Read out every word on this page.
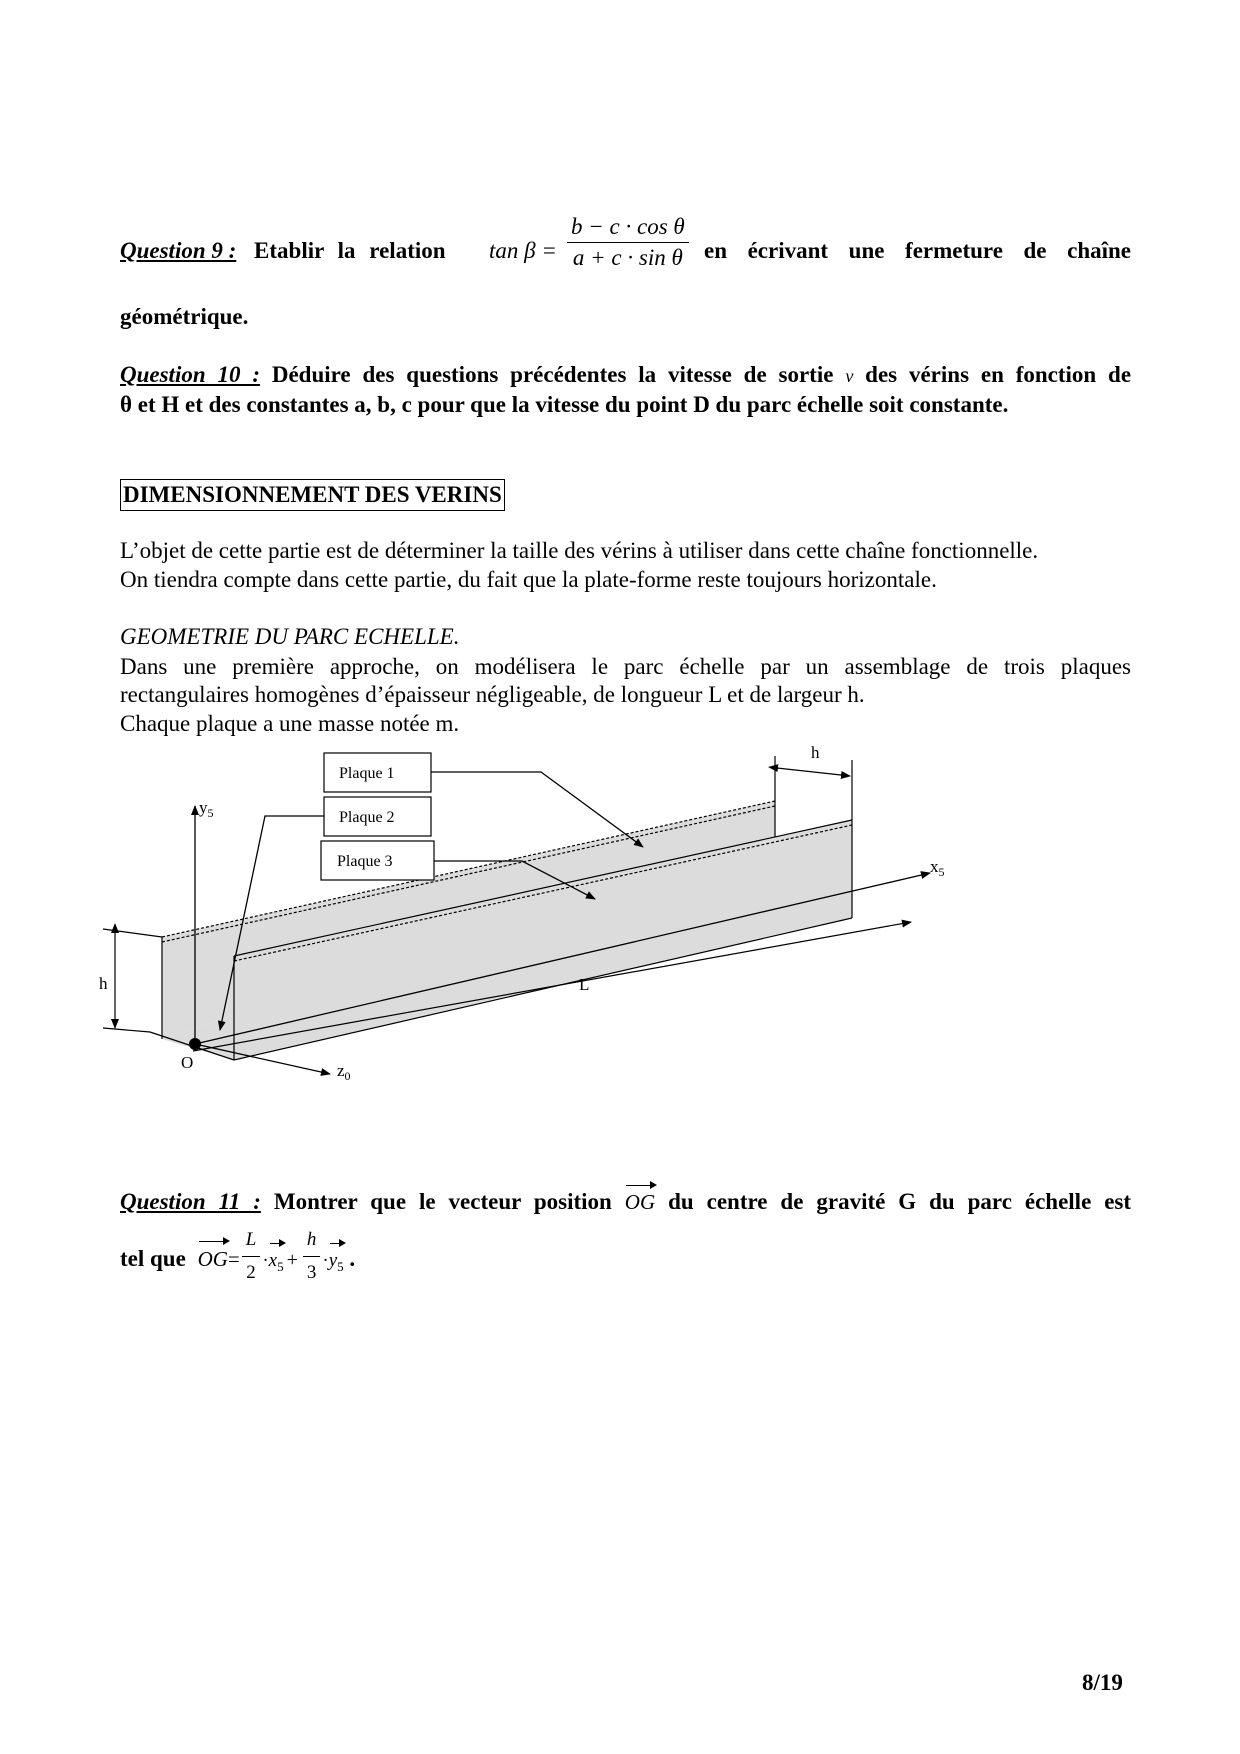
Question 9 : Etablir la relation $\tan \beta = \frac{\text{b − c · cos θ}}{\text{a + c · sin θ}}$ en écrivant une fermeture de chaîne
géométrique.
Question 10 : Déduire des questions précédentes la vitesse de sortie v des vérins en fonction de
θ et H et des constantes a, b, c pour que la vitesse du point D du parc échelle soit constante.
DIMENSIONNEMENT DES VERINS
L’objet de cette partie est de déterminer la taille des vérins à utiliser dans cette chaîne fonctionnelle.
On tiendra compte dans cette partie, du fait que la plate-forme reste toujours horizontale.
GEOMETRIE DU PARC ECHELLE.
Dans une première approche, on modélisera le parc échelle par un assemblage de trois plaques
rectangulaires homogènes d’épaisseur négligeable, de longueur L et de largeur h.
Chaque plaque a une masse notée m.
h
h
L
$y_5$
$x_5$
$z_0$
O
Plaque 1
Plaque 2
Plaque 3
Question 11 : Montrer que le vecteur position OG du centre de gravité G du parc échelle est
tel que $OG= \frac{L}{2} \cdot x_5 + \frac{h}{3} \cdot y_5$ .
8/19
